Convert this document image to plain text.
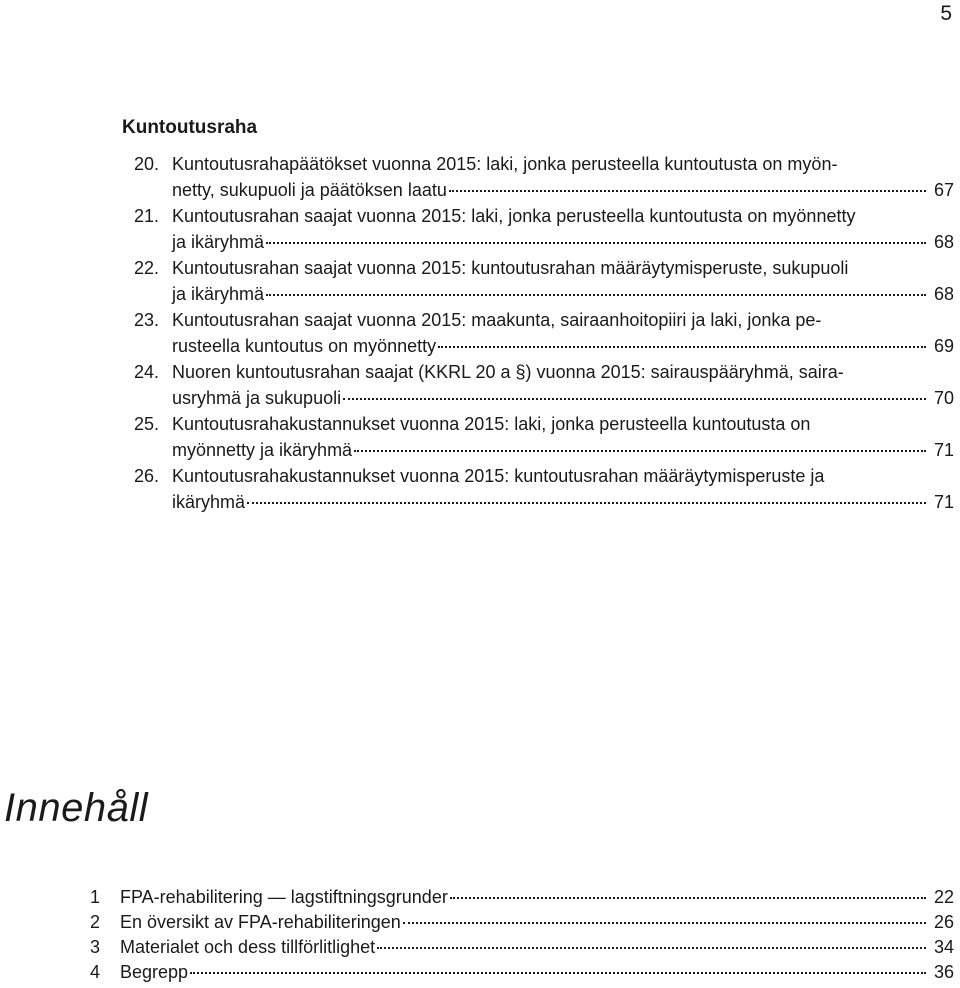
5
Kuntoutusraha
20. Kuntoutusrahapäätökset vuonna 2015: laki, jonka perusteella kuntoutusta on myön-
netty, sukupuoli ja päätöksen laatu	67
21. Kuntoutusrahan saajat vuonna 2015: laki, jonka perusteella kuntoutusta on myönnetty
ja ikäryhmä	68
22. Kuntoutusrahan saajat vuonna 2015: kuntoutusrahan määräytymisperuste, sukupuoli
ja ikäryhmä	68
23. Kuntoutusrahan saajat vuonna 2015: maakunta, sairaanhoitopiiri ja laki, jonka pe-
rusteella kuntoutus on myönnetty	69
24. Nuoren kuntoutusrahan saajat (KKRL 20 a §) vuonna 2015: sairauspääryhmä, saira-
usryhmä ja sukupuoli	70
25. Kuntoutusrahakustannukset vuonna 2015: laki, jonka perusteella kuntoutusta on
myönnetty ja ikäryhmä	71
26. Kuntoutusrahakustannukset vuonna 2015: kuntoutusrahan määräytymisperuste ja
ikäryhmä	71
Innehåll
1	FPA-rehabilitering — lagstiftningsgrunder	22
2	En översikt av FPA-rehabiliteringen	26
3	Materialet och dess tillförlitlighet	34
4	Begrepp	36
